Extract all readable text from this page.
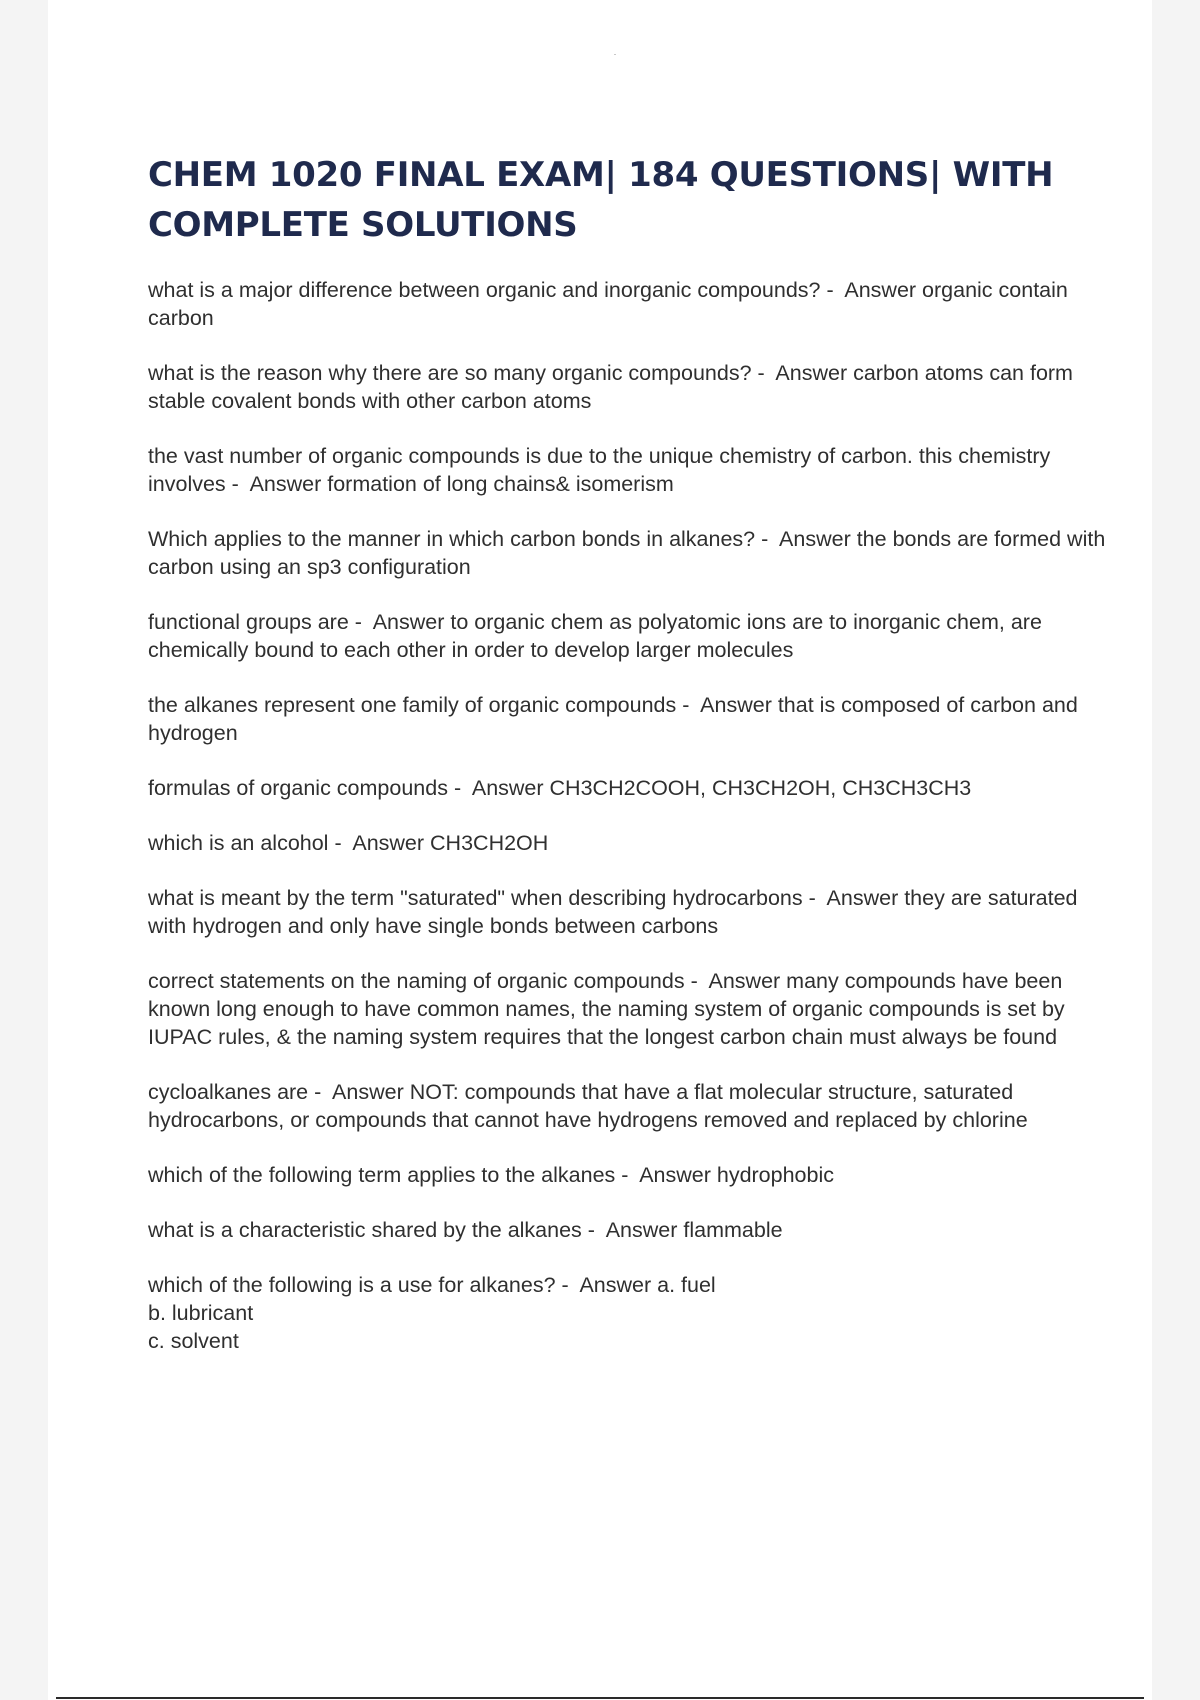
CHEM 1020 FINAL EXAM| 184 QUESTIONS| WITH COMPLETE SOLUTIONS

what is a major difference between organic and inorganic compounds? -  Answer organic contain carbon

what is the reason why there are so many organic compounds? -  Answer carbon atoms can form stable covalent bonds with other carbon atoms

the vast number of organic compounds is due to the unique chemistry of carbon. this chemistry involves -  Answer formation of long chains& isomerism

Which applies to the manner in which carbon bonds in alkanes? -  Answer the bonds are formed with carbon using an sp3 configuration

functional groups are -  Answer to organic chem as polyatomic ions are to inorganic chem, are chemically bound to each other in order to develop larger molecules

the alkanes represent one family of organic compounds -  Answer that is composed of carbon and hydrogen

formulas of organic compounds -  Answer CH3CH2COOH, CH3CH2OH, CH3CH3CH3

which is an alcohol -  Answer CH3CH2OH

what is meant by the term "saturated" when describing hydrocarbons -  Answer they are saturated with hydrogen and only have single bonds between carbons

correct statements on the naming of organic compounds -  Answer many compounds have been known long enough to have common names, the naming system of organic compounds is set by IUPAC rules, & the naming system requires that the longest carbon chain must always be found

cycloalkanes are -  Answer NOT: compounds that have a flat molecular structure, saturated hydrocarbons, or compounds that cannot have hydrogens removed and replaced by chlorine

which of the following term applies to the alkanes -  Answer hydrophobic

what is a characteristic shared by the alkanes -  Answer flammable

which of the following is a use for alkanes? -  Answer a. fuel
b. lubricant
c. solvent
